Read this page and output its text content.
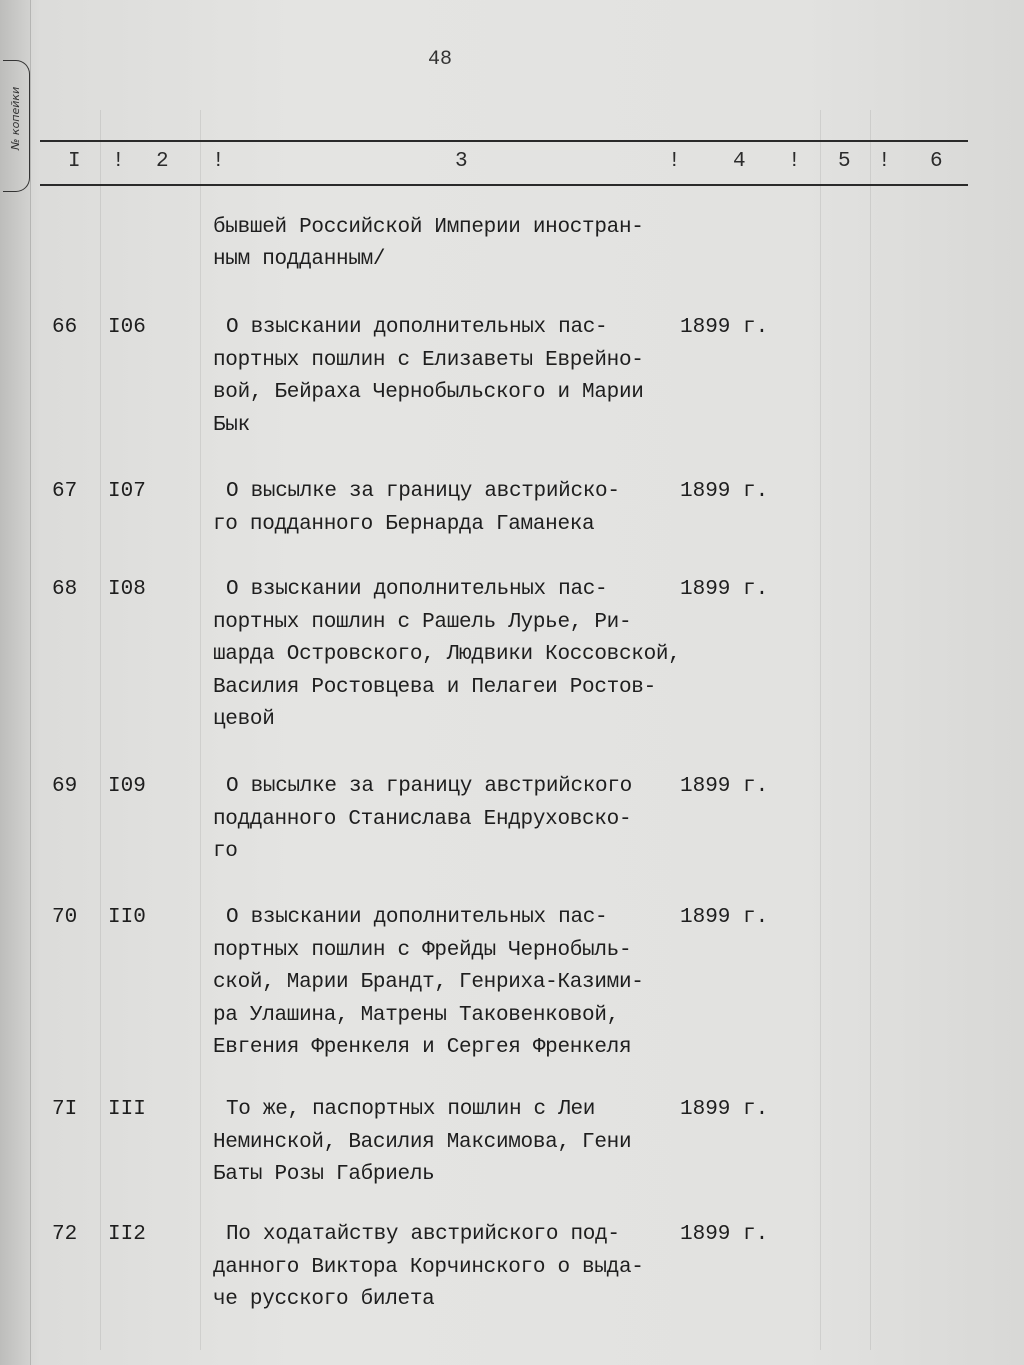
№ копейки
48
I ! 2 !	3	! 4 ! 5 ! 6
бывшей Российской Империи иностран-
ным подданным/
66 I06	О взыскании дополнительных пас-
портных пошлин с Елизаветы Еврейно-
вой, Бейраха Чернобыльского и Марии
Бык
1899 г.
67 I07	О высылке за границу австрийско-
го подданного Бернарда Гаманека
1899 г.
68 I08	О взыскании дополнительных пас-
портных пошлин с Рашель Лурье, Ри-
шарда Островского, Людвики Коссовской,
Василия Ростовцева и Пелагеи Ростов-
цевой
1899 г.
69 I09	О высылке за границу австрийского
подданного Станислава Ендруховско-
го
1899 г.
70 II0	О взыскании дополнительных пас-
портных пошлин с Фрейды Чернобыль-
ской, Марии Брандт, Генриха-Казими-
ра Улашина, Матрены Таковенковой,
Евгения Френкеля и Сергея Френкеля
1899 г.
7I III	То же, паспортных пошлин с Леи
Неминской, Василия Максимова, Гени
Баты Розы Габриель
1899 г.
72 II2	По ходатайству австрийского под-
данного Виктора Корчинского о выда-
че русского билета
1899 г.
